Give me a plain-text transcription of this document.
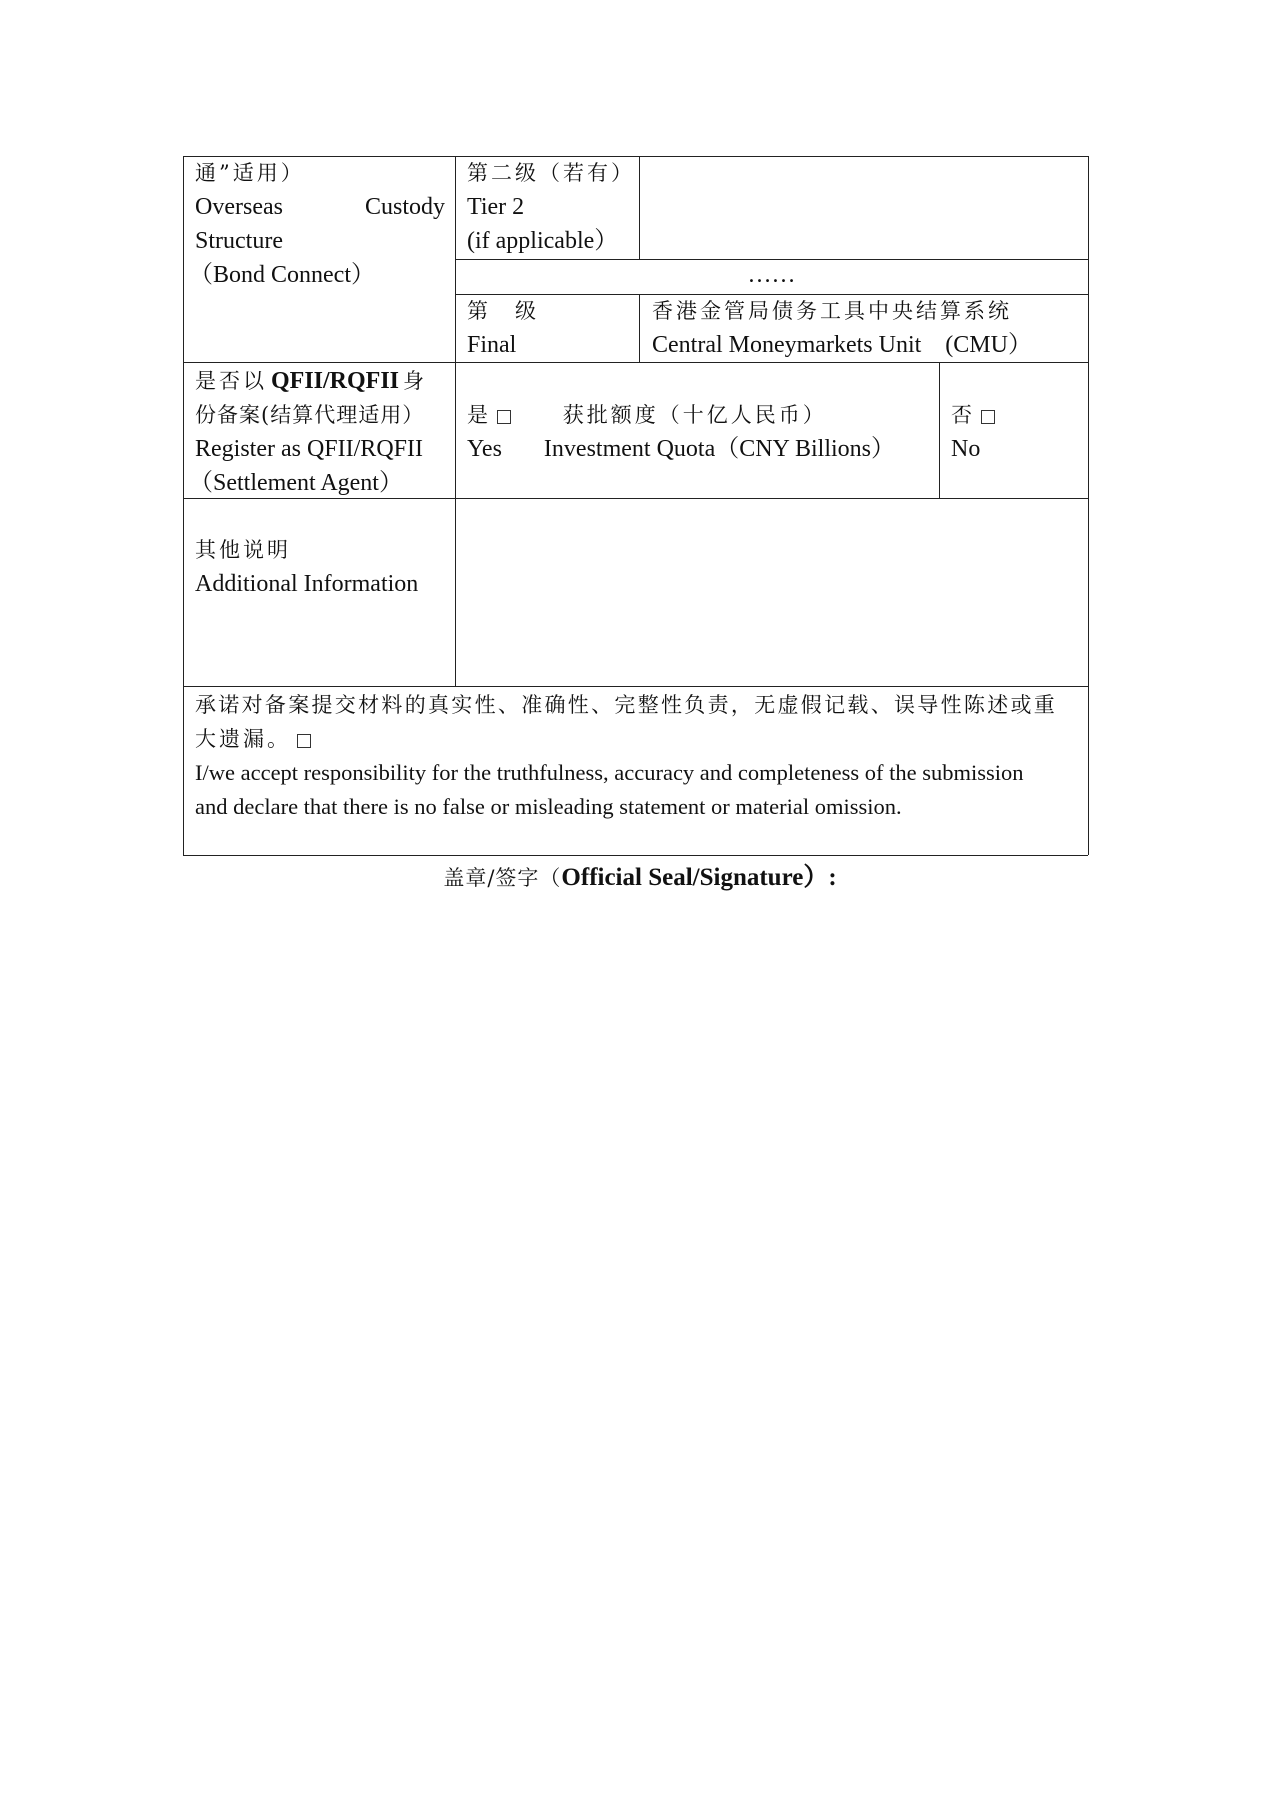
通”适用）
Overseas	Custody
Structure
（Bond Connect）
第二级（若有）
Tier 2
(if applicable）
……
第　级
Final
香港金管局债务工具中央结算系统
Central Moneymarkets Unit　(CMU）
是否以 QFII/RQFII 身
份备案(结算代理适用）
Register as QFII/RQFII
（Settlement Agent）
是	获批额度（十亿人民币）
Yes Investment Quota（CNY Billions）
否
No
其他说明
Additional Information
承诺对备案提交材料的真实性、准确性、完整性负责，无虚假记载、误导性陈述或重
大遗漏。
I/we accept responsibility for the truthfulness, accuracy and completeness of the submission
and declare that there is no false or misleading statement or material omission.
盖章/签字（Official Seal/Signature）:
